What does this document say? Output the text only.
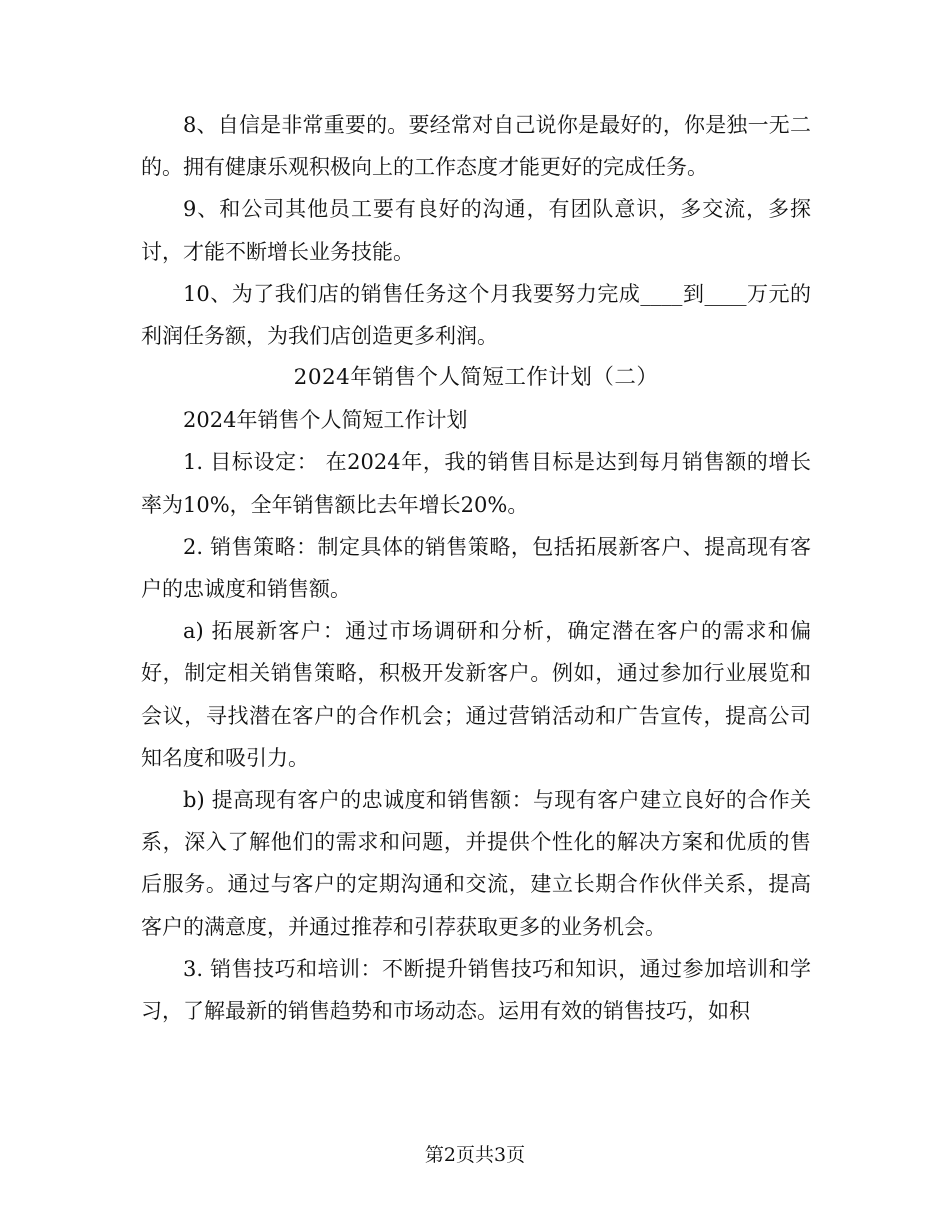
8、自信是非常重要的。要经常对自己说你是最好的，你是独一无二的。拥有健康乐观积极向上的工作态度才能更好的完成任务。

9、和公司其他员工要有良好的沟通，有团队意识，多交流，多探讨，才能不断增长业务技能。

10、为了我们店的销售任务这个月我要努力完成____到____万元的利润任务额，为我们店创造更多利润。

2024年销售个人简短工作计划（二）

2024年销售个人简短工作计划

1. 目标设定： 在2024年，我的销售目标是达到每月销售额的增长率为10%，全年销售额比去年增长20%。

2. 销售策略：制定具体的销售策略，包括拓展新客户、提高现有客户的忠诚度和销售额。

a) 拓展新客户：通过市场调研和分析，确定潜在客户的需求和偏好，制定相关销售策略，积极开发新客户。例如，通过参加行业展览和会议，寻找潜在客户的合作机会；通过营销活动和广告宣传，提高公司知名度和吸引力。

b) 提高现有客户的忠诚度和销售额：与现有客户建立良好的合作关系，深入了解他们的需求和问题，并提供个性化的解决方案和优质的售后服务。通过与客户的定期沟通和交流，建立长期合作伙伴关系，提高客户的满意度，并通过推荐和引荐获取更多的业务机会。

3. 销售技巧和培训：不断提升销售技巧和知识，通过参加培训和学习，了解最新的销售趋势和市场动态。运用有效的销售技巧，如积

第2页共3页
